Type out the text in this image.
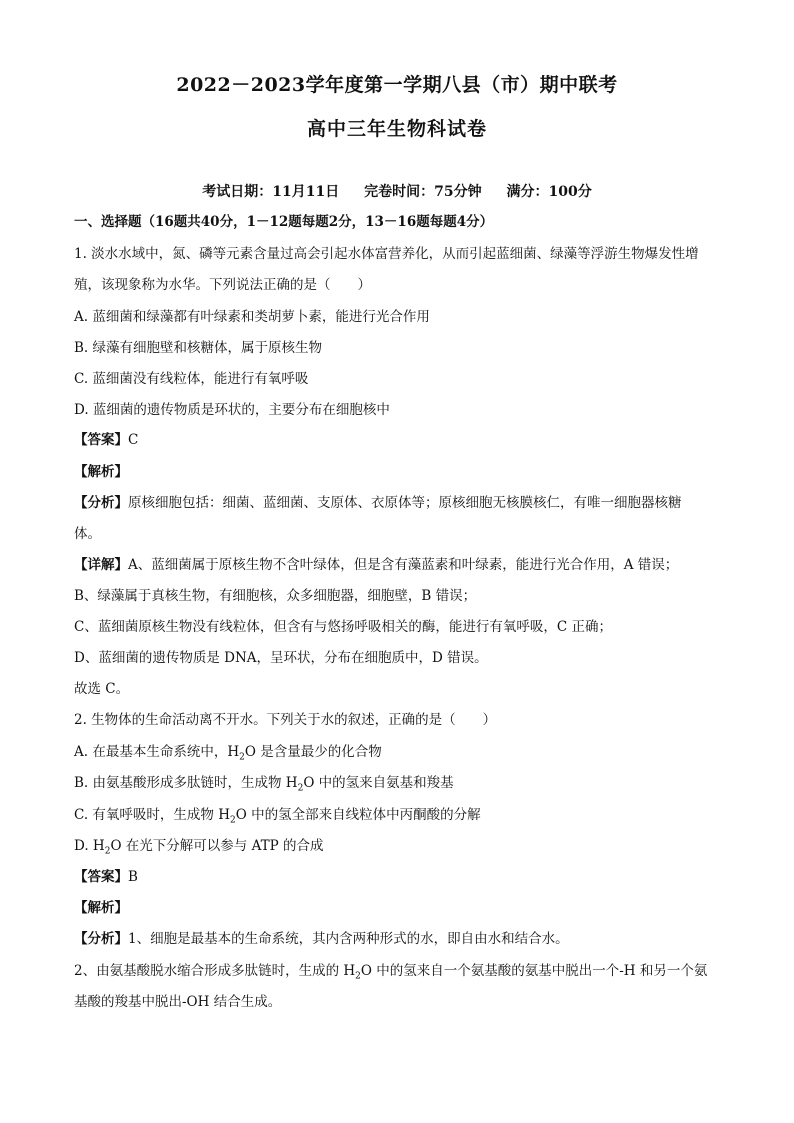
2022－2023学年度第一学期八县（市）期中联考
高中三年生物科试卷
考试日期：11月11日 完卷时间：75分钟 满分：100分
一、选择题（16题共40分，1－12题每题2分，13－16题每题4分）
1. 淡水水域中，氮、磷等元素含量过高会引起水体富营养化，从而引起蓝细菌、绿藻等浮游生物爆发性增
殖，该现象称为水华。下列说法正确的是（　　）
A. 蓝细菌和绿藻都有叶绿素和类胡萝卜素，能进行光合作用
B. 绿藻有细胞壁和核糖体，属于原核生物
C. 蓝细菌没有线粒体，能进行有氧呼吸
D. 蓝细菌的遗传物质是环状的，主要分布在细胞核中
【答案】C
【解析】
【分析】原核细胞包括：细菌、蓝细菌、支原体、衣原体等；原核细胞无核膜核仁，有唯一细胞器核糖
体。
【详解】A、蓝细菌属于原核生物不含叶绿体，但是含有藻蓝素和叶绿素，能进行光合作用，A 错误；
B、绿藻属于真核生物，有细胞核，众多细胞器，细胞壁，B 错误；
C、蓝细菌原核生物没有线粒体，但含有与悠扬呼吸相关的酶，能进行有氧呼吸，C 正确；
D、蓝细菌的遗传物质是 DNA，呈环状，分布在细胞质中，D 错误。
故选 C。
2. 生物体的生命活动离不开水。下列关于水的叙述，正确的是（　　）
A. 在最基本生命系统中，$H_2O$ 是含量最少的化合物
B. 由氨基酸形成多肽链时，生成物 $H_2O$ 中的氢来自氨基和羧基
C. 有氧呼吸时，生成物 $H_2O$ 中的氢全部来自线粒体中丙酮酸的分解
D. $H_2O$ 在光下分解可以参与 ATP 的合成
【答案】B
【解析】
【分析】1、细胞是最基本的生命系统，其内含两种形式的水，即自由水和结合水。
2、由氨基酸脱水缩合形成多肽链时，生成的 $H_2O$ 中的氢来自一个氨基酸的氨基中脱出一个-H 和另一个氨
基酸的羧基中脱出-OH 结合生成。
